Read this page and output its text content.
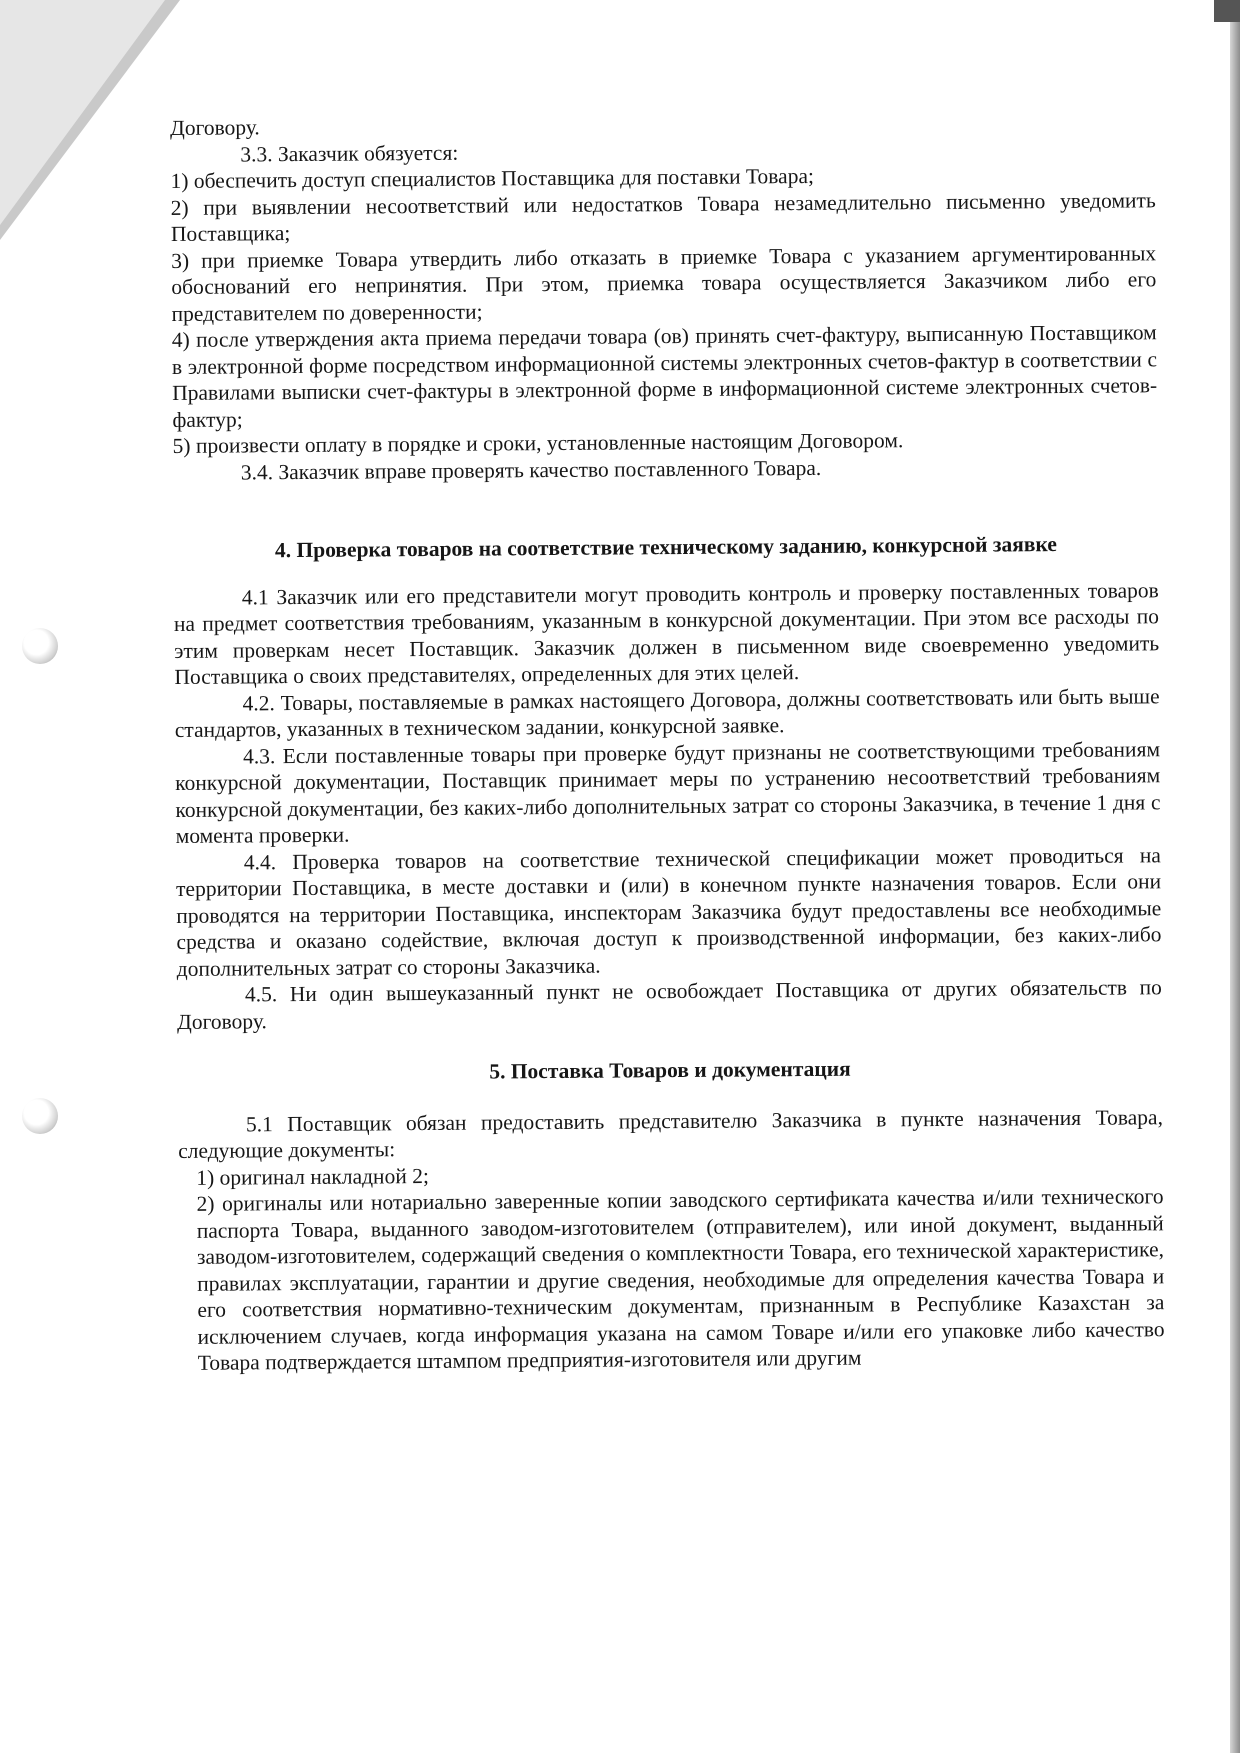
Договору.

3.3. Заказчик обязуется:

1) обеспечить доступ специалистов Поставщика для поставки Товара;

2) при выявлении несоответствий или недостатков Товара незамедлительно письменно уведомить Поставщика;

3) при приемке Товара утвердить либо отказать в приемке Товара с указанием аргументированных обоснований его непринятия. При этом, приемка товара осуществляется Заказчиком либо его представителем по доверенности;

4) после утверждения акта приема передачи товара (ов) принять счет-фактуру, выписанную Поставщиком в электронной форме посредством информационной системы электронных счетов-фактур в соответствии с Правилами выписки счет-фактуры в электронной форме в информационной системе электронных счетов-фактур;

5) произвести оплату в порядке и сроки, установленные настоящим Договором.

3.4. Заказчик вправе проверять качество поставленного Товара.

4. Проверка товаров на соответствие техническому заданию, конкурсной заявке

4.1 Заказчик или его представители могут проводить контроль и проверку поставленных товаров на предмет соответствия требованиям, указанным в конкурсной документации. При этом все расходы по этим проверкам несет Поставщик. Заказчик должен в письменном виде своевременно уведомить Поставщика о своих представителях, определенных для этих целей.

4.2. Товары, поставляемые в рамках настоящего Договора, должны соответствовать или быть выше стандартов, указанных в техническом задании, конкурсной заявке.

4.3. Если поставленные товары при проверке будут признаны не соответствующими требованиям конкурсной документации, Поставщик принимает меры по устранению несоответствий требованиям конкурсной документации, без каких-либо дополнительных затрат со стороны Заказчика, в течение 1 дня с момента проверки.

4.4. Проверка товаров на соответствие технической спецификации может проводиться на территории Поставщика, в месте доставки и (или) в конечном пункте назначения товаров. Если они проводятся на территории Поставщика, инспекторам Заказчика будут предоставлены все необходимые средства и оказано содействие, включая доступ к производственной информации, без каких-либо дополнительных затрат со стороны Заказчика.

4.5. Ни один вышеуказанный пункт не освобождает Поставщика от других обязательств по Договору.

5. Поставка Товаров и документация

5.1 Поставщик обязан предоставить представителю Заказчика в пункте назначения Товара, следующие документы:

1) оригинал накладной 2;

2) оригиналы или нотариально заверенные копии заводского сертификата качества и/или технического паспорта Товара, выданного заводом-изготовителем (отправителем), или иной документ, выданный заводом-изготовителем, содержащий сведения о комплектности Товара, его технической характеристике, правилах эксплуатации, гарантии и другие сведения, необходимые для определения качества Товара и его соответствия нормативно-техническим документам, признанным в Республике Казахстан за исключением случаев, когда информация указана на самом Товаре и/или его упаковке либо качество Товара подтверждается штампом предприятия-изготовителя или другим
